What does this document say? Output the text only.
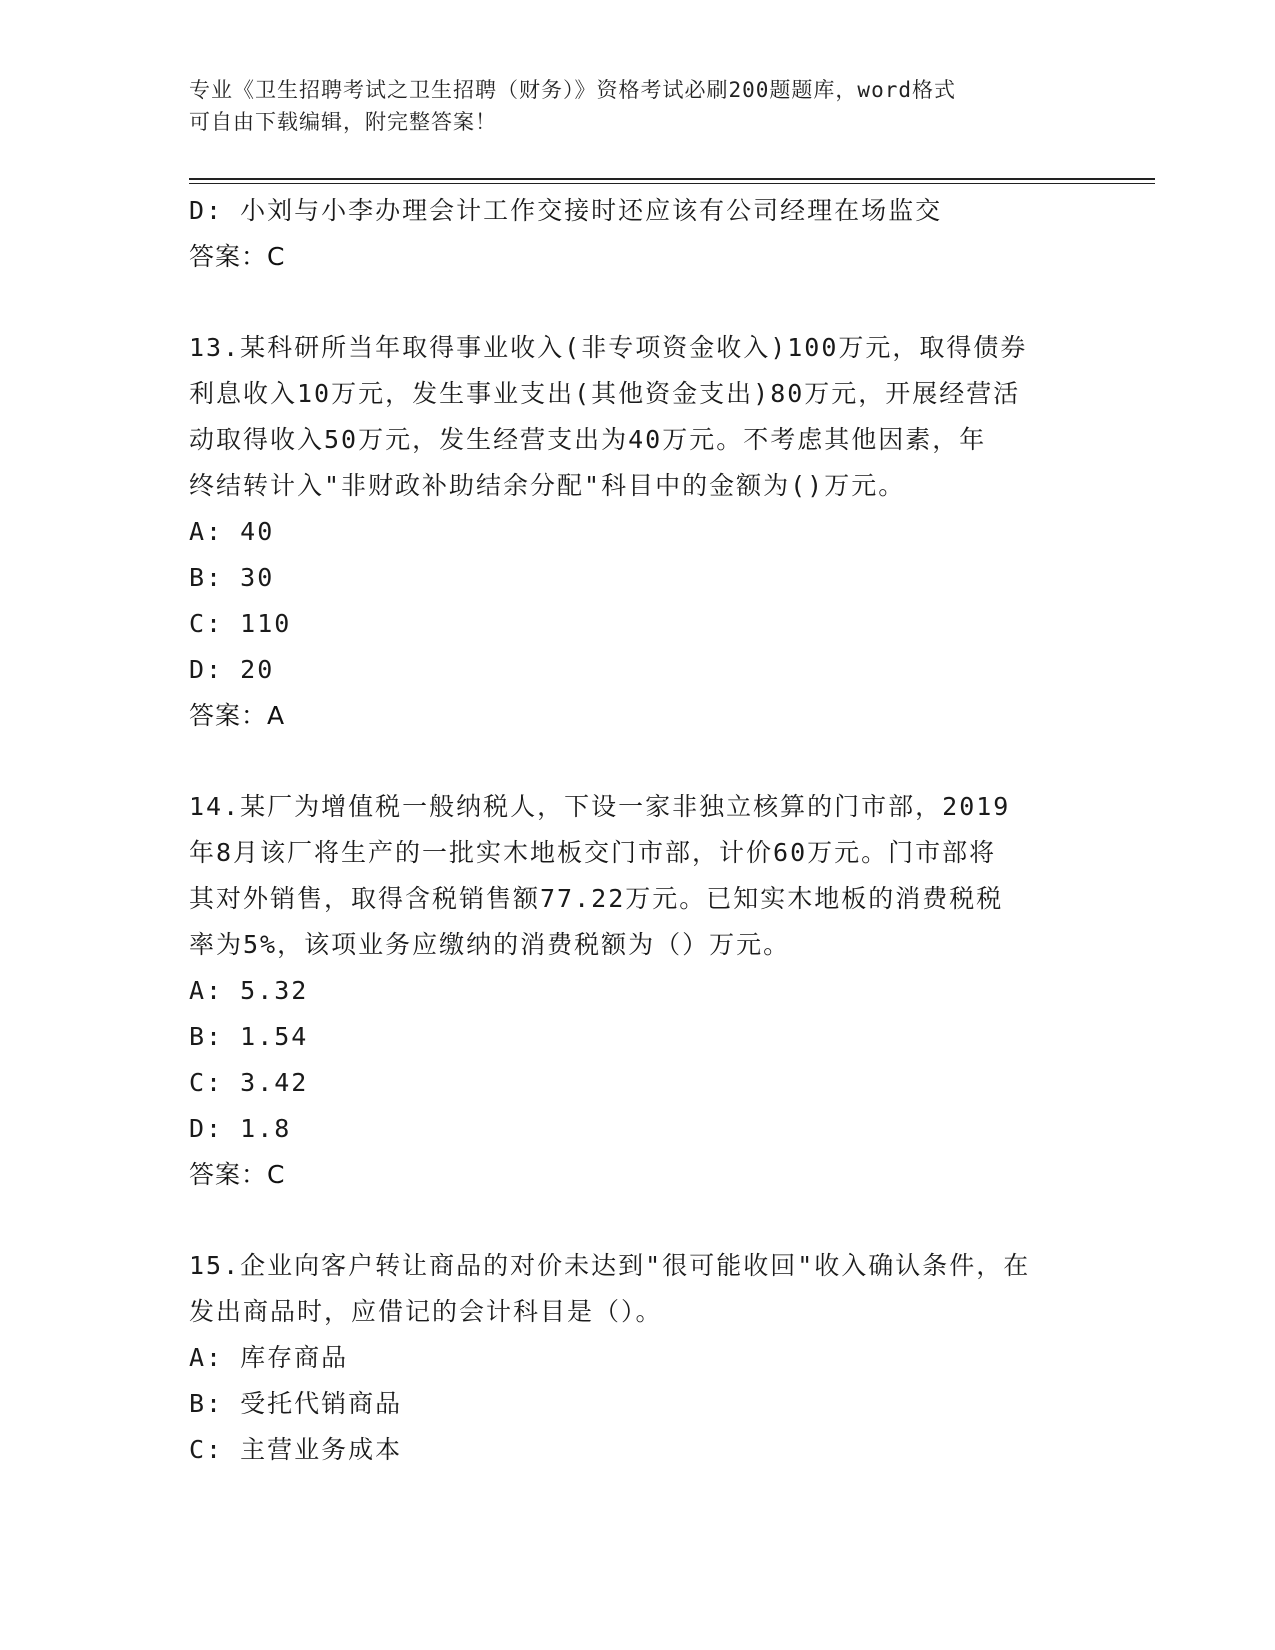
专业《卫生招聘考试之卫生招聘（财务）》资格考试必刷200题题库，word格式
可自由下载编辑，附完整答案！
D: 小刘与小李办理会计工作交接时还应该有公司经理在场监交
答案：C
13.某科研所当年取得事业收入(非专项资金收入)100万元，取得债券
利息收入10万元，发生事业支出(其他资金支出)80万元，开展经营活
动取得收入50万元，发生经营支出为40万元。不考虑其他因素，年
终结转计入"非财政补助结余分配"科目中的金额为()万元。
A: 40
B: 30
C: 110
D: 20
答案：A
14.某厂为增值税一般纳税人，下设一家非独立核算的门市部，2019
年8月该厂将生产的一批实木地板交门市部，计价60万元。门市部将
其对外销售，取得含税销售额77.22万元。已知实木地板的消费税税
率为5%，该项业务应缴纳的消费税额为（）万元。
A: 5.32
B: 1.54
C: 3.42
D: 1.8
答案：C
15.企业向客户转让商品的对价未达到"很可能收回"收入确认条件，在
发出商品时，应借记的会计科目是（）。
A: 库存商品
B: 受托代销商品
C: 主营业务成本
